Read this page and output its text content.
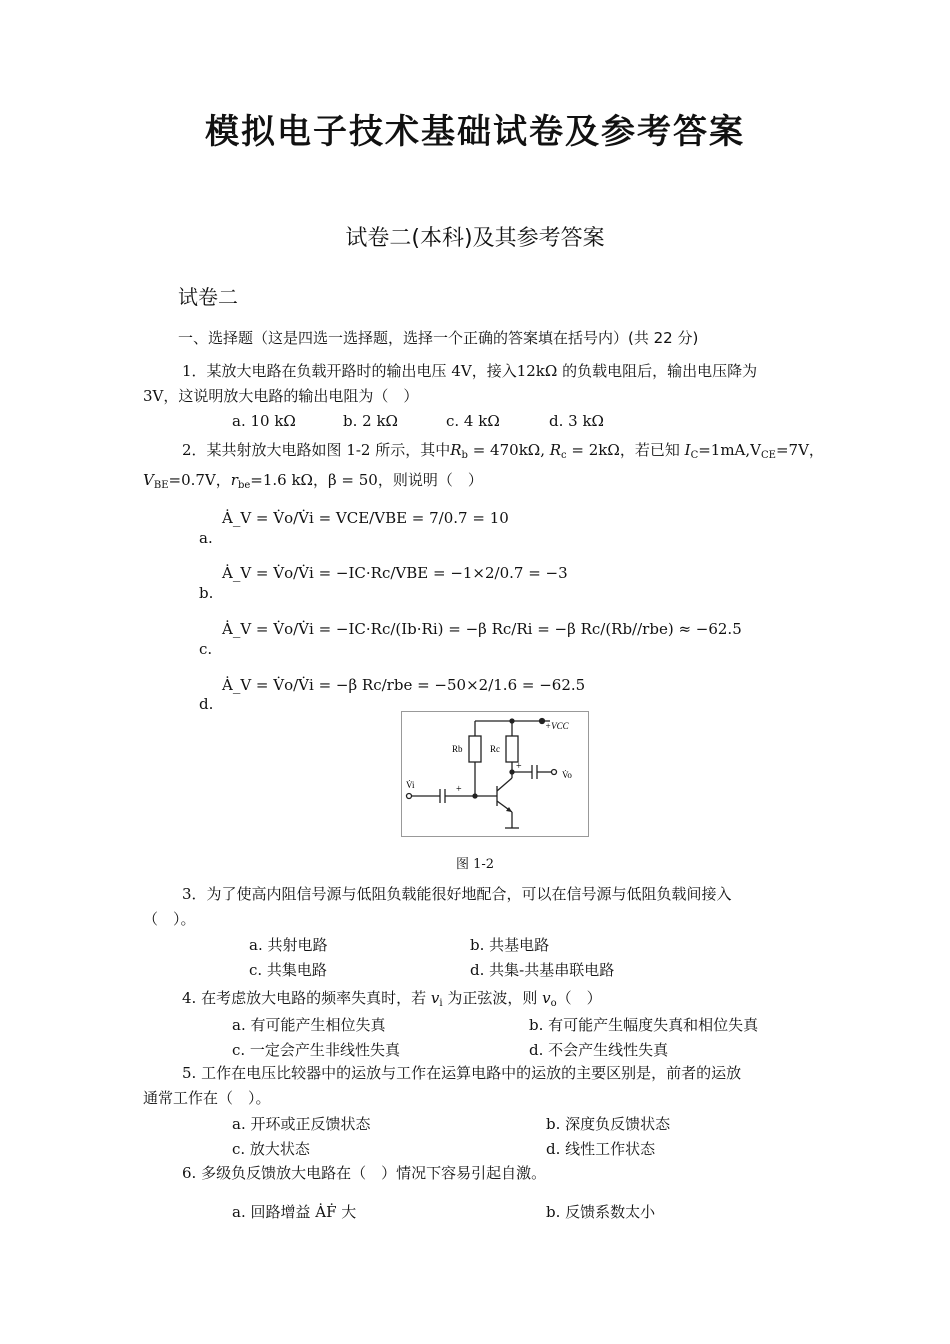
模拟电子技术基础试卷及参考答案
试卷二(本科)及其参考答案
试卷二
一、选择题（这是四选一选择题，选择一个正确的答案填在括号内）(共 22 分)
1．某放大电路在负载开路时的输出电压 4V，接入12kΩ 的负载电阻后，输出电压降为
3V，这说明放大电路的输出电阻为（　）
a. 10 kΩ	b. 2 kΩ	c. 4 kΩ	d. 3 kΩ
2．某共射放大电路如图 1-2 所示，其中$R_b = 470k\Omega$, $R_c = 2k\Omega$，若已知 $I_C=1mA,V_{CE}=7V$，
$V_{BE}=0.7V$，$r_{be}=1.6$ kΩ，β = 50，则说明（　）
a.
Ȧ_V = V̇o/V̇i = VCE/VBE = 7/0.7 = 10
b.
Ȧ_V = V̇o/V̇i = −IC·Rc/VBE = −1×2/0.7 = −3
c.
Ȧ_V = V̇o/V̇i = −IC·Rc/(Ib·Ri) = −β Rc/Ri = −β Rc/(Rb//rbe) ≈ −62.5
d.
Ȧ_V = V̇o/V̇i = −β Rc/rbe = −50×2/1.6 = −62.5
Rb	Rc
+VCC
V̇i
V̇o
+
+
图 1-2
3．为了使高内阻信号源与低阻负载能很好地配合，可以在信号源与低阻负载间接入
（　）。
a. 共射电路	b. 共基电路
c. 共集电路	d. 共集-共基串联电路
4. 在考虑放大电路的频率失真时，若 $v_i$ 为正弦波，则 $v_o$（　）
a. 有可能产生相位失真	b. 有可能产生幅度失真和相位失真
c. 一定会产生非线性失真	d. 不会产生线性失真
5. 工作在电压比较器中的运放与工作在运算电路中的运放的主要区别是，前者的运放
通常工作在（　）。
a. 开环或正反馈状态	b. 深度负反馈状态
c. 放大状态	d. 线性工作状态
6. 多级负反馈放大电路在（　）情况下容易引起自激。
a. 回路增益 ȦḞ 大	b. 反馈系数太小
